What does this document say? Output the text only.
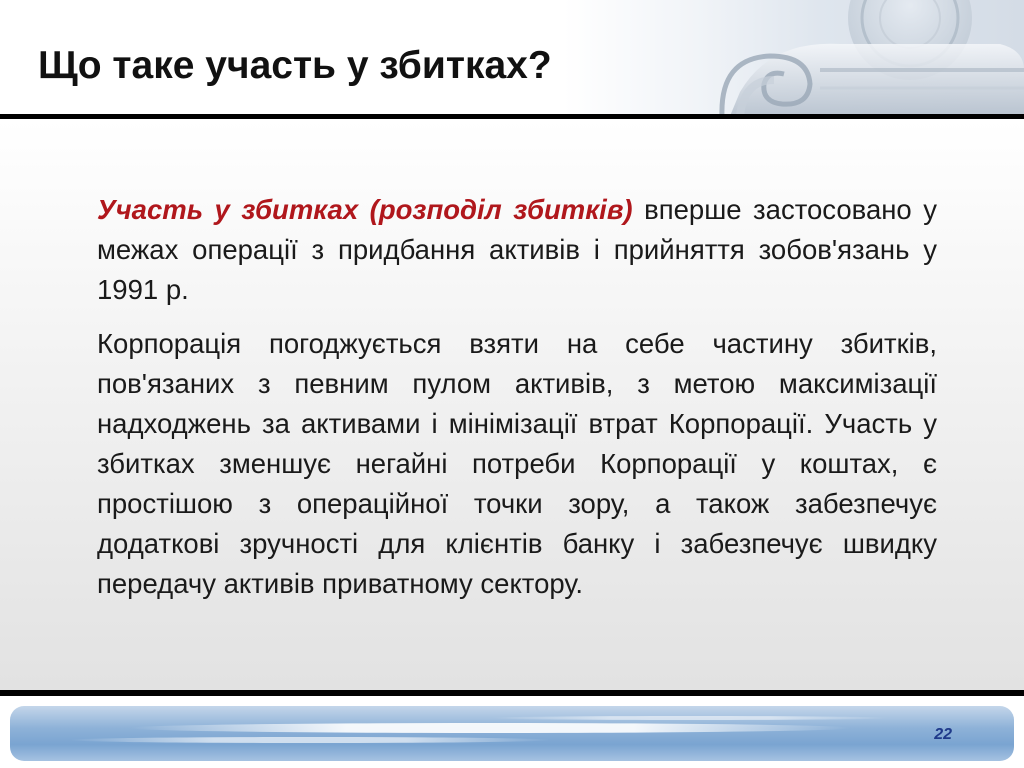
Що таке участь у збитках?

Участь у збитках (розподіл збитків) вперше застосовано у межах операції з придбання активів і прийняття зобов'язань у 1991 р.

Корпорація погоджується взяти на себе частину збитків, пов'язаних з певним пулом активів, з метою максимізації надходжень за активами і мінімізації втрат Корпорації. Участь у збитках зменшує негайні потреби Корпорації у коштах, є простішою з операційної точки зору, а також забезпечує додаткові зручності для клієнтів банку і забезпечує швидку передачу активів приватному сектору.

22
